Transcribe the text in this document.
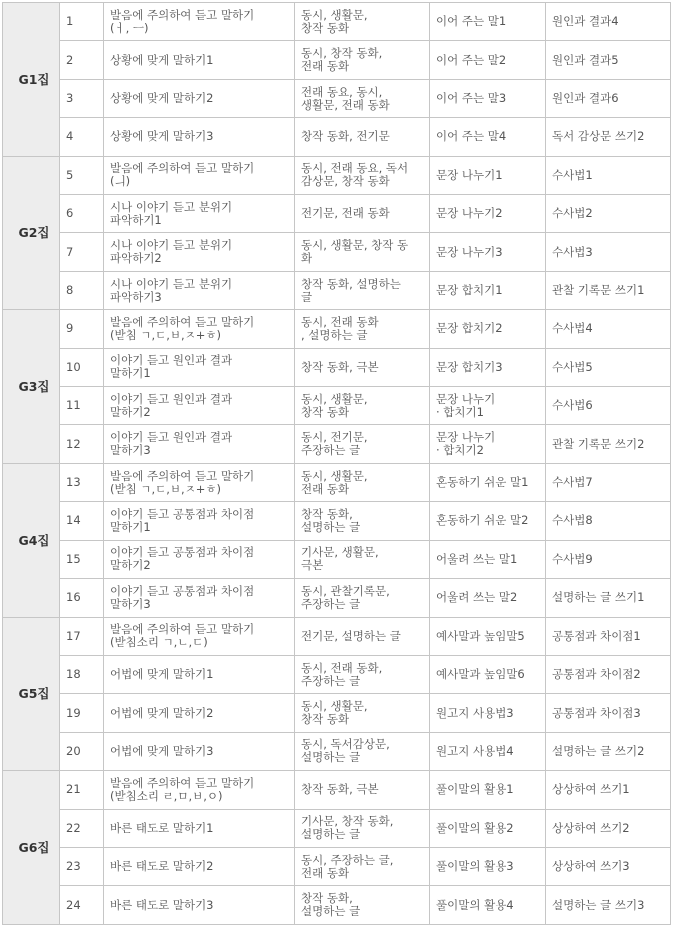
G1집	1	발음에 주의하여 듣고 말하기
(ㅓ, ㅡ)	동시, 생활문,
창작 동화	이어 주는 말1	원인과 결과4

	2	상황에 맞게 말하기1	동시, 창작 동화,
전래 동화	이어 주는 말2	원인과 결과5

	3	상황에 맞게 말하기2	전래 동요, 동시,
생활문, 전래 동화	이어 주는 말3	원인과 결과6

	4	상황에 맞게 말하기3	창작 동화, 전기문	이어 주는 말4	독서 감상문 쓰기2

G2집	5	발음에 주의하여 듣고 말하기
(ㅢ)	동시, 전래 동요, 독서
감상문, 창작 동화	문장 나누기1	수사법1

	6	시나 이야기 듣고 분위기
파악하기1	전기문, 전래 동화	문장 나누기2	수사법2

	7	시나 이야기 듣고 분위기
파악하기2	동시, 생활문, 창작 동
화	문장 나누기3	수사법3

	8	시나 이야기 듣고 분위기
파악하기3	창작 동화, 설명하는
글	문장 합치기1	관찰 기록문 쓰기1

G3집	9	발음에 주의하여 듣고 말하기
(받침 ㄱ,ㄷ,ㅂ,ㅈ+ㅎ)	동시, 전래 동화
, 설명하는 글	문장 합치기2	수사법4

	10	이야기 듣고 원인과 결과
말하기1	창작 동화, 극본	문장 합치기3	수사법5

	11	이야기 듣고 원인과 결과
말하기2	동시, 생활문,
창작 동화	문장 나누기
· 합치기1	수사법6

	12	이야기 듣고 원인과 결과
말하기3	동시, 전기문,
주장하는 글	문장 나누기
· 합치기2	관찰 기록문 쓰기2

G4집	13	발음에 주의하여 듣고 말하기
(받침 ㄱ,ㄷ,ㅂ,ㅈ+ㅎ)	동시, 생활문,
전래 동화	혼동하기 쉬운 말1	수사법7

	14	이야기 듣고 공통점과 차이점
말하기1	창작 동화,
설명하는 글	혼동하기 쉬운 말2	수사법8

	15	이야기 듣고 공통점과 차이점
말하기2	기사문, 생활문,
극본	어울려 쓰는 말1	수사법9

	16	이야기 듣고 공통점과 차이점
말하기3	동시, 관찰기록문,
주장하는 글	어울려 쓰는 말2	설명하는 글 쓰기1

G5집	17	발음에 주의하여 듣고 말하기
(받침소리 ㄱ,ㄴ,ㄷ)	전기문, 설명하는 글	예사말과 높임말5	공통점과 차이점1

	18	어법에 맞게 말하기1	동시, 전래 동화,
주장하는 글	예사말과 높임말6	공통점과 차이점2

	19	어법에 맞게 말하기2	동시, 생활문,
창작 동화	원고지 사용법3	공통점과 차이점3

	20	어법에 맞게 말하기3	동시, 독서감상문,
설명하는 글	원고지 사용법4	설명하는 글 쓰기2

G6집	21	발음에 주의하여 듣고 말하기
(받침소리 ㄹ,ㅁ,ㅂ,ㅇ)	창작 동화, 극본	풀이말의 활용1	상상하여 쓰기1

	22	바른 태도로 말하기1	기사문, 창작 동화,
설명하는 글	풀이말의 활용2	상상하여 쓰기2

	23	바른 태도로 말하기2	동시, 주장하는 글,
전래 동화	풀이말의 활용3	상상하여 쓰기3

	24	바른 태도로 말하기3	창작 동화,
설명하는 글	풀이말의 활용4	설명하는 글 쓰기3
